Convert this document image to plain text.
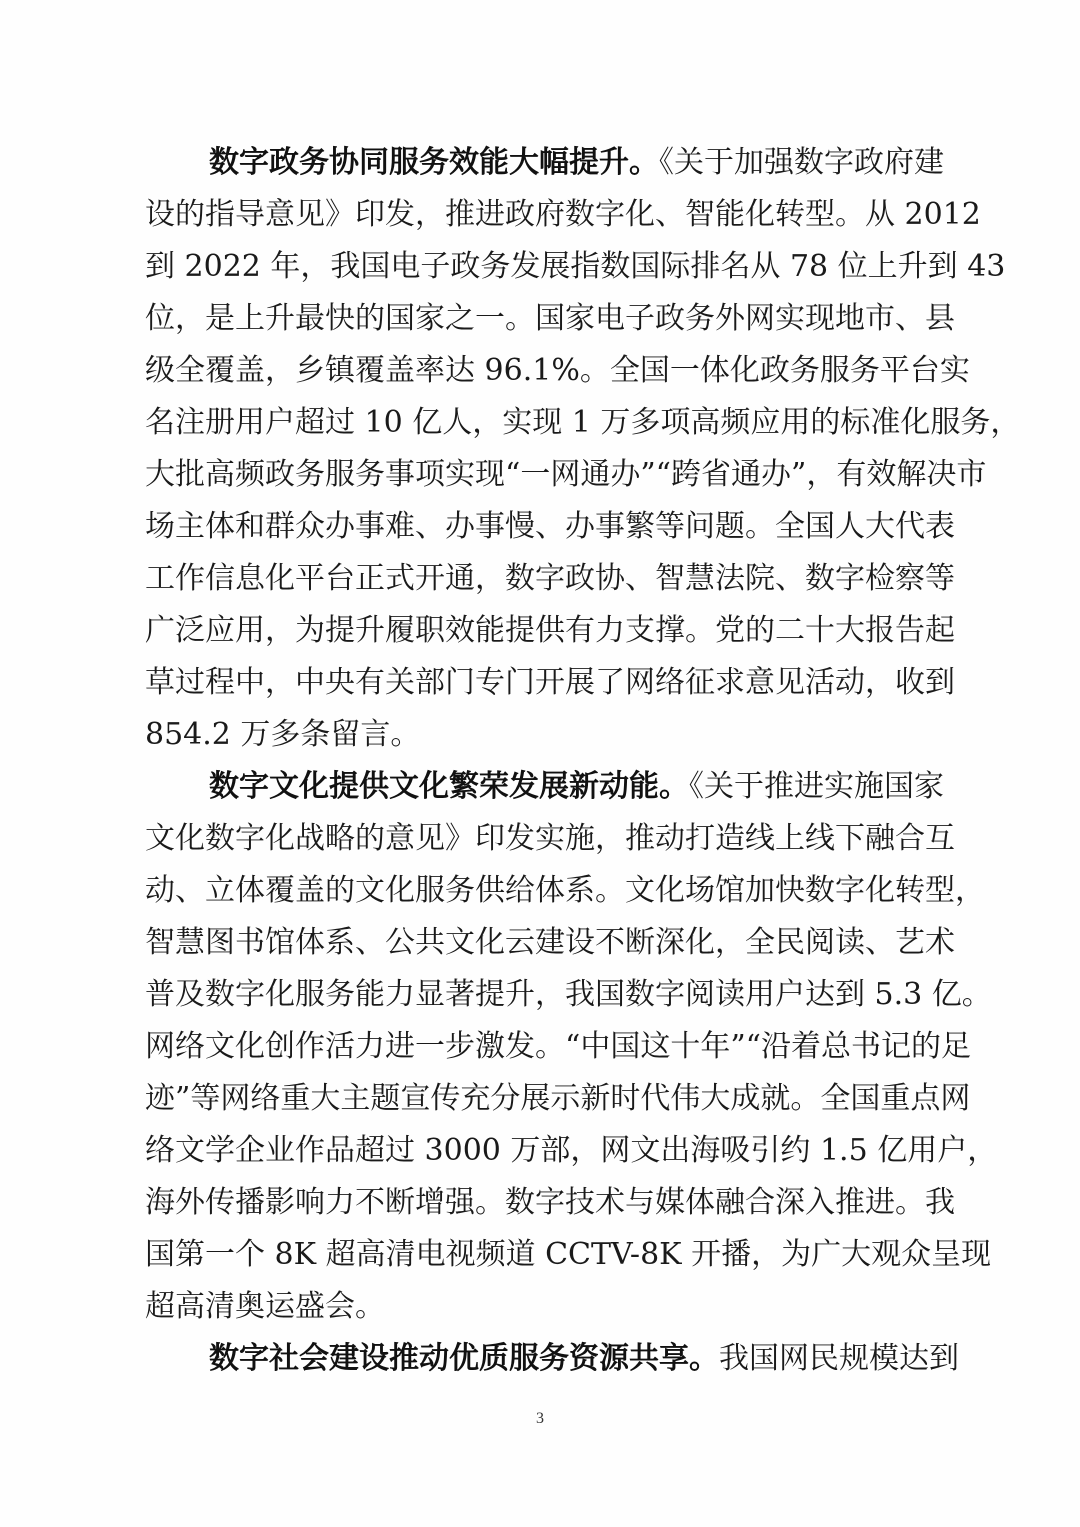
数字政务协同服务效能大幅提升。《关于加强数字政府建
设的指导意见》印发，推进政府数字化、智能化转型。从 2012
到 2022 年，我国电子政务发展指数国际排名从 78 位上升到 43
位，是上升最快的国家之一。国家电子政务外网实现地市、县
级全覆盖，乡镇覆盖率达 96.1%。全国一体化政务服务平台实
名注册用户超过 10 亿人，实现 1 万多项高频应用的标准化服务，
大批高频政务服务事项实现“一网通办”“跨省通办”，有效解决市
场主体和群众办事难、办事慢、办事繁等问题。全国人大代表
工作信息化平台正式开通，数字政协、智慧法院、数字检察等
广泛应用，为提升履职效能提供有力支撑。党的二十大报告起
草过程中，中央有关部门专门开展了网络征求意见活动，收到
854.2 万多条留言。
数字文化提供文化繁荣发展新动能。《关于推进实施国家
文化数字化战略的意见》印发实施，推动打造线上线下融合互
动、立体覆盖的文化服务供给体系。文化场馆加快数字化转型，
智慧图书馆体系、公共文化云建设不断深化，全民阅读、艺术
普及数字化服务能力显著提升，我国数字阅读用户达到 5.3 亿。
网络文化创作活力进一步激发。“中国这十年”“沿着总书记的足
迹”等网络重大主题宣传充分展示新时代伟大成就。全国重点网
络文学企业作品超过 3000 万部，网文出海吸引约 1.5 亿用户，
海外传播影响力不断增强。数字技术与媒体融合深入推进。我
国第一个 8K 超高清电视频道 CCTV-8K 开播，为广大观众呈现
超高清奥运盛会。
数字社会建设推动优质服务资源共享。我国网民规模达到
3
